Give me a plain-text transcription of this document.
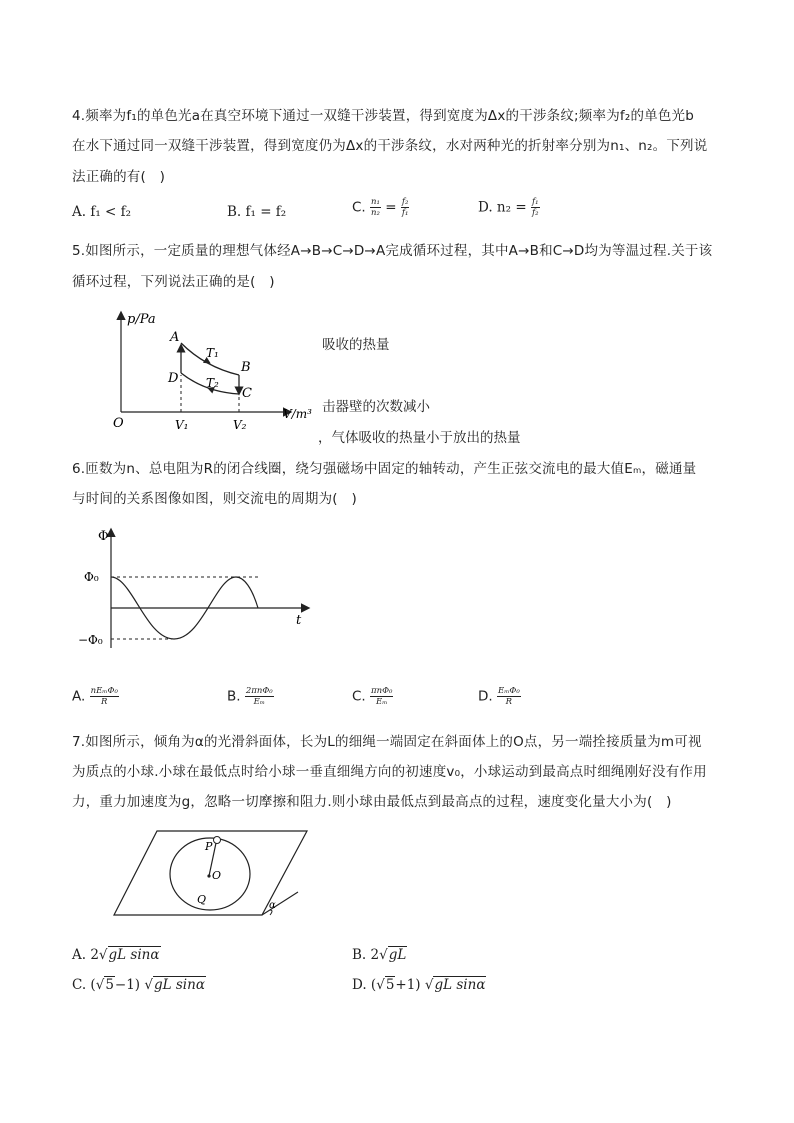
4.频率为f₁的单色光a在真空环境下通过一双缝干涉装置，得到宽度为Δx的干涉条纹;频率为f₂的单色光b
在水下通过同一双缝干涉装置，得到宽度仍为Δx的干涉条纹，水对两种光的折射率分别为n₁、n₂。下列说
法正确的有(　)
A. f₁ < f₂	B. f₁ = f₂	C. $\frac{\text{n₁}}{\text{n₂}} = \frac{\text{f₂}}{\text{f₁}}$	D. $n_2 = \frac{\text{f₁}}{\text{f₂}}$
5.如图所示，一定质量的理想气体经A→B→C→D→A完成循环过程，其中A→B和C→D均为等温过程.关于该
循环过程，下列说法正确的是(　)
吸收的热量
击器壁的次数减小
，气体吸收的热量小于放出的热量
p/Pa
V/m³
O	V₁	V₂
A
B
C
D
T₁
T₂
6.匝数为n、总电阻为R的闭合线圈，绕匀强磁场中固定的轴转动，产生正弦交流电的最大值Eₘ，磁通量
与时间的关系图像如图，则交流电的周期为(　)
Φ
t
Φ₀
−Φ₀
A. $\frac{\text{nEₘΦ₀}}{R}$	B. $\frac{\text{2πnΦ₀}}{\text{Eₘ}}$	C. $\frac{\text{πnΦ₀}}{\text{Eₘ}}$	D. $\frac{\text{EₘΦ₀}}{R}$
7.如图所示，倾角为α的光滑斜面体，长为L的细绳一端固定在斜面体上的O点，另一端拴接质量为m可视
为质点的小球.小球在最低点时给小球一垂直细绳方向的初速度v₀，小球运动到最高点时细绳刚好没有作用
力，重力加速度为g，忽略一切摩擦和阻力.则小球由最低点到最高点的过程，速度变化量大小为(　)
P
O
Q	α
A. 2√gL sinα	B. 2√gL
C. (√5−1) √gL sinα	D. (√5+1) √gL sinα
